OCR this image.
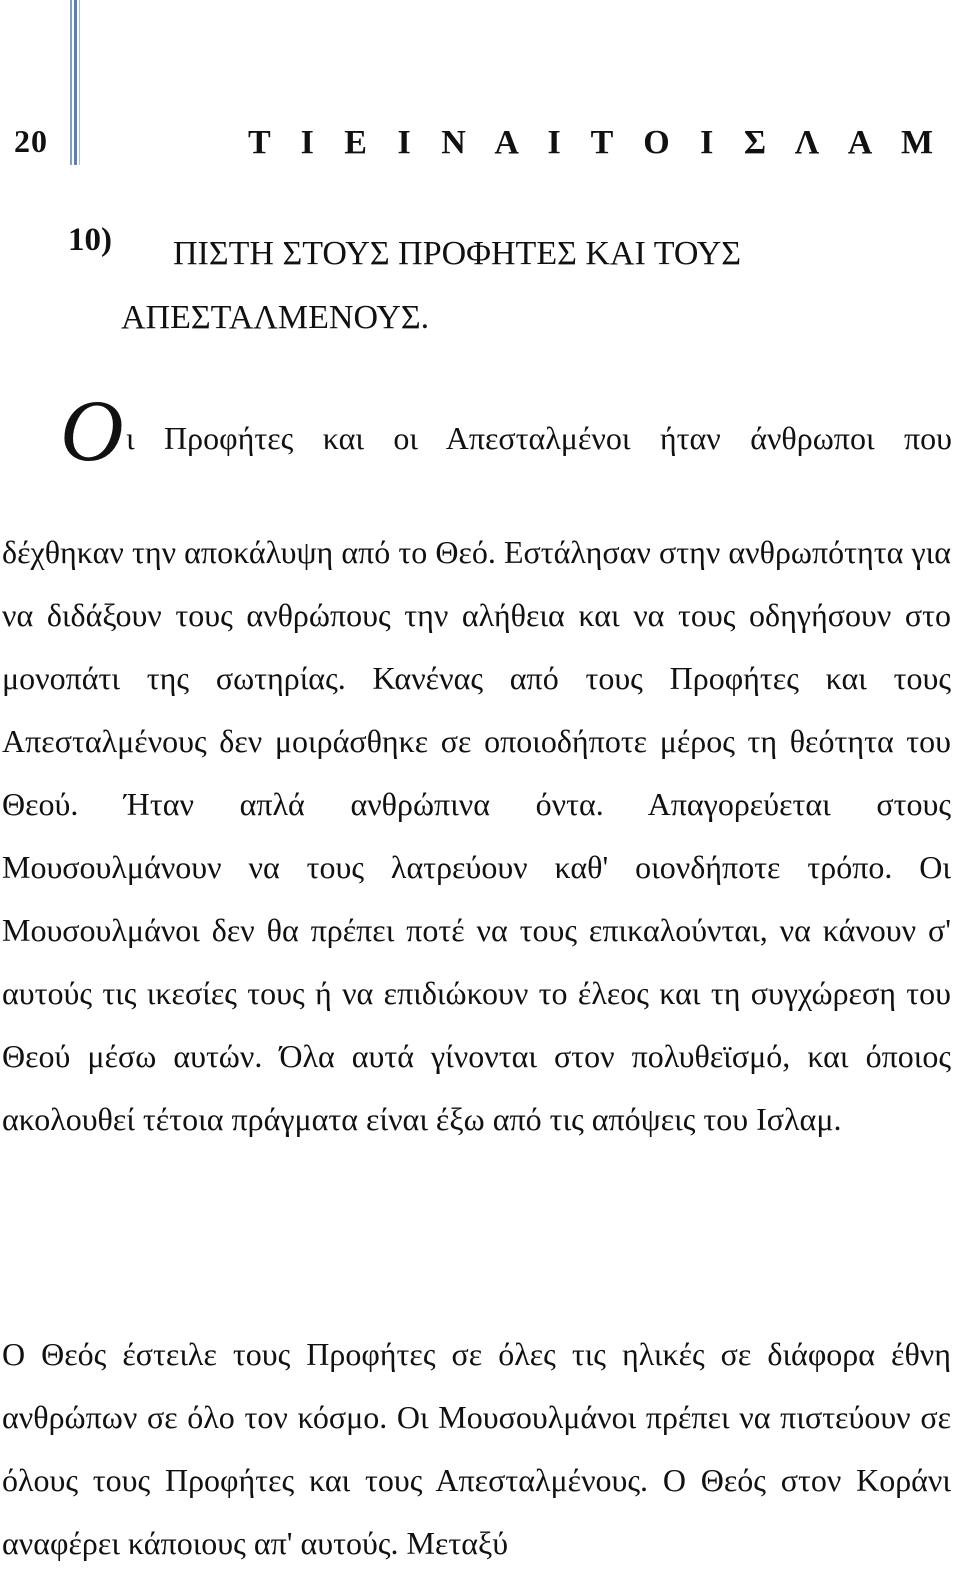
20	Τ Ι Ε Ι Ν Α Ι Τ Ο Ι Σ Λ Α Μ
10)	ΠΙΣΤΗ ΣΤΟΥΣ ΠΡΟΦΗΤΕΣ ΚΑΙ ΤΟΥΣ ΑΠΕΣΤΑΛΜΕΝΟΥΣ.
Ο ι Προφήτες και οι Απεσταλμένοι ήταν άνθρωποι που
δέχθηκαν την αποκάλυψη από το Θεό. Εστάλησαν στην ανθρωπότητα για να διδάξουν τους ανθρώπους την αλήθεια και να τους οδηγήσουν στο μονοπάτι της σωτηρίας. Κανένας από τους Προφήτες και τους Απεσταλμένους δεν μοιράσθηκε σε οποιοδήποτε μέρος τη θεότητα του Θεού. Ήταν απλά ανθρώπινα όντα. Απαγορεύεται στους Μουσουλμάνουν να τους λατρεύουν καθ' οιονδήποτε τρόπο. Οι Μουσουλμάνοι δεν θα πρέπει ποτέ να τους επικαλούνται, να κάνουν σ' αυτούς τις ικεσίες τους ή να επιδιώκουν το έλεος και τη συγχώρεση του Θεού μέσω αυτών. Όλα αυτά γίνονται στον πολυθεϊσμό, και όποιος ακολουθεί τέτοια πράγματα είναι έξω από τις απόψεις του Ισλαμ.
Ο Θεός έστειλε τους Προφήτες σε όλες τις ηλικές σε διάφορα έθνη ανθρώπων σε όλο τον κόσμο. Οι Μουσουλμάνοι πρέπει να πιστεύουν σε όλους τους Προφήτες και τους Απεσταλμένους. Ο Θεός στον Κοράνι αναφέρει κάποιους απ' αυτούς. Μεταξύ
